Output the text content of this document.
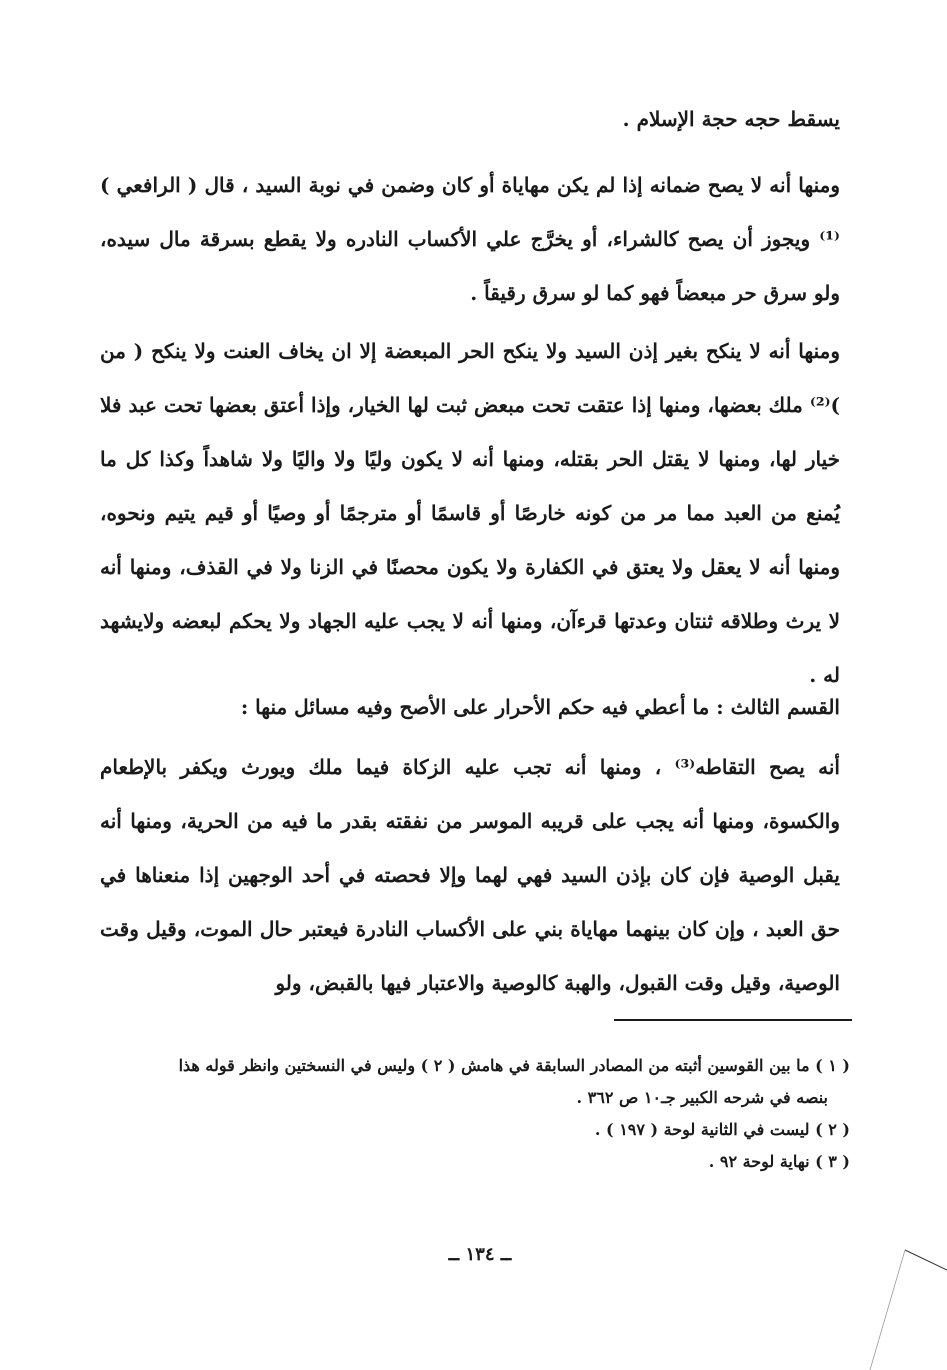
يسقط حجه حجة الإسلام .

ومنها أنه لا يصح ضمانه إذا لم يكن مهاياة أو كان وضمن في نوبة السيد ، قال ( الرافعي )⁽¹⁾ ويجوز أن يصح كالشراء، أو يخرَّج علي الأكساب النادره ولا يقطع بسرقة مال سيده، ولو سرق حر مبعضاً فهو كما لو سرق رقيقاً .

ومنها أنه لا ينكح بغير إذن السيد ولا ينكح الحر المبعضة إلا ان يخاف العنت ولا ينكح ( من )⁽²⁾ ملك بعضها، ومنها إذا عتقت تحت مبعض ثبت لها الخيار، وإذا أعتق بعضها تحت عبد فلا خيار لها، ومنها لا يقتل الحر بقتله، ومنها أنه لا يكون وليًا ولا واليًا ولا شاهداً وكذا كل ما يُمنع من العبد مما مر من كونه خارصًا أو قاسمًا أو مترجمًا أو وصيًا أو قيم يتيم ونحوه، ومنها أنه لا يعقل ولا يعتق في الكفارة ولا يكون محصنًا في الزنا ولا في القذف، ومنها أنه لا يرث وطلاقه ثنتان وعدتها قرءآن، ومنها أنه لا يجب عليه الجهاد ولا يحكم لبعضه ولايشهد له .

القسم الثالث : ما أعطي فيه حكم الأحرار على الأصح وفيه مسائل منها :

أنه يصح التقاطه⁽³⁾ ، ومنها أنه تجب عليه الزكاة فيما ملك ويورث ويكفر بالإطعام والكسوة، ومنها أنه يجب على قريبه الموسر من نفقته بقدر ما فيه من الحرية، ومنها أنه يقبل الوصية فإن كان بإذن السيد فهي لهما وإلا فحصته في أحد الوجهين إذا منعناها في حق العبد ، وإن كان بينهما مهاياة بني على الأكساب النادرة فيعتبر حال الموت، وقيل وقت الوصية، وقيل وقت القبول، والهبة كالوصية والاعتبار فيها بالقبض، ولو

( ١ ) ما بين القوسين أثبته من المصادر السابقة في هامش ( ٢ ) وليس في النسختين وانظر قوله هذا
بنصه في شرحه الكبير جـ١٠ ص ٣٦٢ .
( ٢ ) ليست في الثانية لوحة ( ١٩٧ ) .
( ٣ ) نهاية لوحة ٩٢ .
ــ ١٣٤ ــ
